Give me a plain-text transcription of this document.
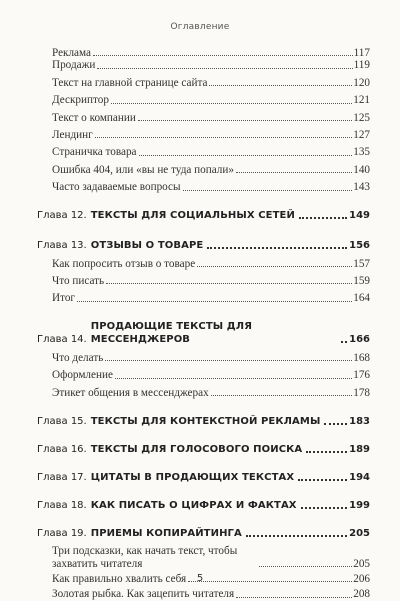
Оглавление
Реклама	117
Продажи	119
Текст на главной странице сайта	120
Дескриптор	121
Текст о компании	125
Лендинг	127
Страничка товара	135
Ошибка 404, или «вы не туда попали»	140
Часто задаваемые вопросы	143
Глава 12. ТЕКСТЫ ДЛЯ СОЦИАЛЬНЫХ СЕТЕЙ	149
Глава 13. ОТЗЫВЫ О ТОВАРЕ	156
Как попросить отзыв о товаре	157
Что писать	159
Итог	164
Глава 14.
ПРОДАЮЩИЕ ТЕКСТЫ ДЛЯ МЕССЕНДЖЕРОВ	166
Что делать	168
Оформление	176
Этикет общения в мессенджерах	178
Глава 15. ТЕКСТЫ ДЛЯ КОНТЕКСТНОЙ РЕКЛАМЫ	183
Глава 16. ТЕКСТЫ ДЛЯ ГОЛОСОВОГО ПОИСКА	189
Глава 17. ЦИТАТЫ В ПРОДАЮЩИХ ТЕКСТАХ	194
Глава 18. КАК ПИСАТЬ О ЦИФРАХ И ФАКТАХ	199
Глава 19. ПРИЕМЫ КОПИРАЙТИНГА	205
Три подсказки, как начать текст, чтобы захватить читателя	205
Как правильно хвалить себя	206
Золотая рыбка. Как зацепить читателя	208
5
